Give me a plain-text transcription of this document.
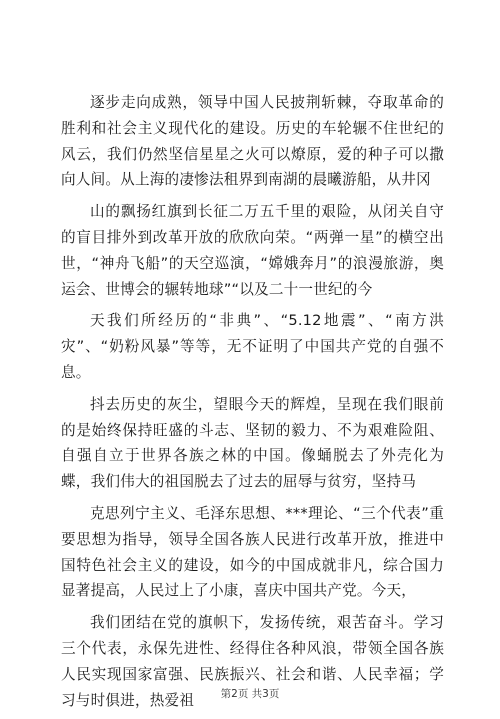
逐步走向成熟，领导中国人民披荆斩棘，夺取革命的胜利和社会主义现代化的建设。历史的车轮辗不住世纪的风云，我们仍然坚信星星之火可以燎原，爱的种子可以撒向人间。从上海的凄惨法租界到南湖的晨曦游船，从井冈

山的飘扬红旗到长征二万五千里的艰险，从闭关自守的盲目排外到改革开放的欣欣向荣。“两弹一星”的横空出世，“神舟飞船”的天空巡演，“嫦娥奔月”的浪漫旅游，奥运会、世博会的辗转地球”“以及二十一世纪的今

天我们所经历的“非典”、“5.12地震”、“南方洪灾”、“奶粉风暴”等等，无不证明了中国共产党的自强不息。

抖去历史的灰尘，望眼今天的辉煌，呈现在我们眼前的是始终保持旺盛的斗志、坚韧的毅力、不为艰难险阻、自强自立于世界各族之林的中国。像蛹脱去了外壳化为蝶，我们伟大的祖国脱去了过去的屈辱与贫穷，坚持马

克思列宁主义、毛泽东思想、***理论、“三个代表”重要思想为指导，领导全国各族人民进行改革开放，推进中国特色社会主义的建设，如今的中国成就非凡，综合国力显著提高，人民过上了小康，喜庆中国共产党。今天，

我们团结在党的旗帜下，发扬传统，艰苦奋斗。学习三个代表，永保先进性、经得住各种风浪，带领全国各族人民实现国家富强、民族振兴、社会和谐、人民幸福；学习与时俱进，热爱祖	第2页 共3页
